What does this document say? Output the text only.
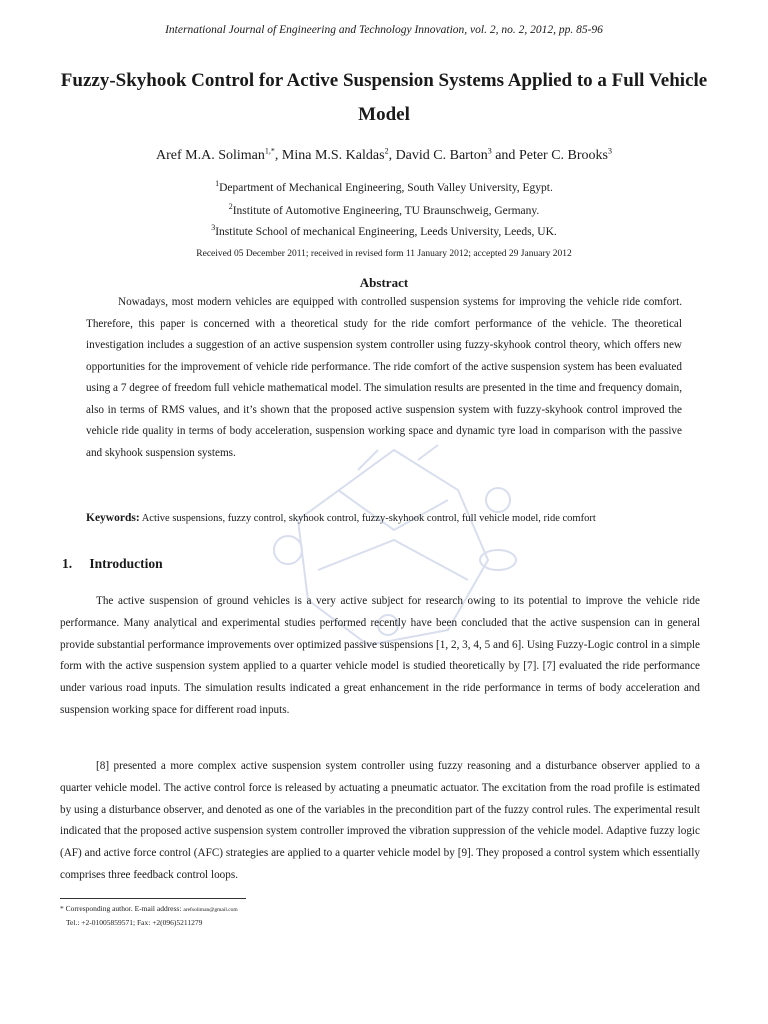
International Journal of Engineering and Technology Innovation, vol. 2, no. 2, 2012, pp. 85-96
Fuzzy-Skyhook Control for Active Suspension Systems Applied to a Full Vehicle Model
Aref M.A. Soliman$^{1,*}$, Mina M.S. Kaldas$^2$, David C. Barton$^3$ and Peter C. Brooks$^3$
$^1$Department of Mechanical Engineering, South Valley University, Egypt.
$^2$Institute of Automotive Engineering, TU Braunschweig, Germany.
$^3$Institute School of mechanical Engineering, Leeds University, Leeds, UK.
Received 05 December 2011; received in revised form 11 January 2012; accepted 29 January 2012
Abstract

Nowadays, most modern vehicles are equipped with controlled suspension systems for improving the vehicle ride comfort. Therefore, this paper is concerned with a theoretical study for the ride comfort performance of the vehicle. The theoretical investigation includes a suggestion of an active suspension system controller using fuzzy-skyhook control theory, which offers new opportunities for the improvement of vehicle ride performance. The ride comfort of the active suspension system has been evaluated using a 7 degree of freedom full vehicle mathematical model. The simulation results are presented in the time and frequency domain, also in terms of RMS values, and it’s shown that the proposed active suspension system with fuzzy-skyhook control improved the vehicle ride quality in terms of body acceleration, suspension working space and dynamic tyre load in comparison with the passive and skyhook suspension systems.

Keywords: Active suspensions, fuzzy control, skyhook control, fuzzy-skyhook control, full vehicle model, ride comfort
1. Introduction

The active suspension of ground vehicles is a very active subject for research owing to its potential to improve the vehicle ride performance. Many analytical and experimental studies performed recently have been concluded that the active suspension can in general provide substantial performance improvements over optimized passive suspensions [1, 2, 3, 4, 5 and 6]. Using Fuzzy-Logic control in a simple form with the active suspension system applied to a quarter vehicle model is studied theoretically by [7]. [7] evaluated the ride performance under various road inputs. The simulation results indicated a great enhancement in the ride performance in terms of body acceleration and suspension working space for different road inputs.

[8] presented a more complex active suspension system controller using fuzzy reasoning and a disturbance observer applied to a quarter vehicle model. The active control force is released by actuating a pneumatic actuator. The excitation from the road profile is estimated by using a disturbance observer, and denoted as one of the variables in the precondition part of the fuzzy control rules. The experimental result indicated that the proposed active suspension system controller improved the vibration suppression of the vehicle model. Adaptive fuzzy logic (AF) and active force control (AFC) strategies are applied to a quarter vehicle model by [9]. They proposed a control system which essentially comprises three feedback control loops.

* Corresponding author. E-mail address: arefsoliman@gmail.com
Tel.: +2-01005859571; Fax: +2(096)5211279
